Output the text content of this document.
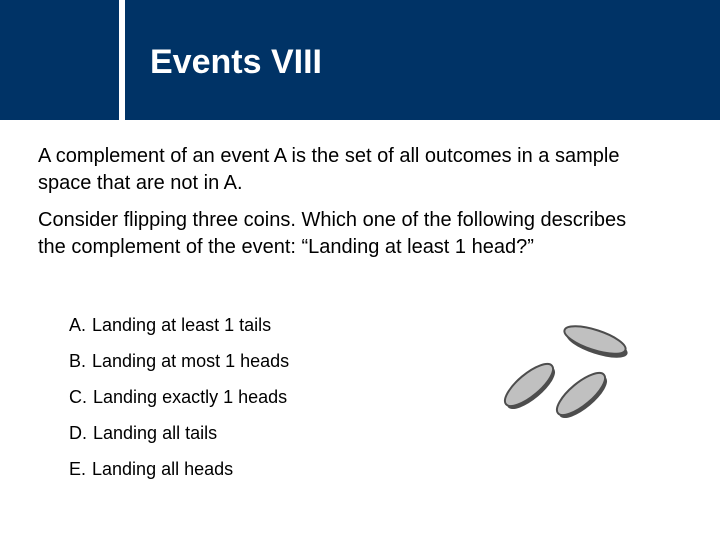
Events VIII

A complement of an event A is the set of all outcomes in a sample space that are not in A.

Consider flipping three coins. Which one of the following describes the complement of the event: “Landing at least 1 head?”

A. Landing at least 1 tails
B. Landing at most 1 heads
C. Landing exactly 1 heads
D. Landing all tails
E. Landing all heads
